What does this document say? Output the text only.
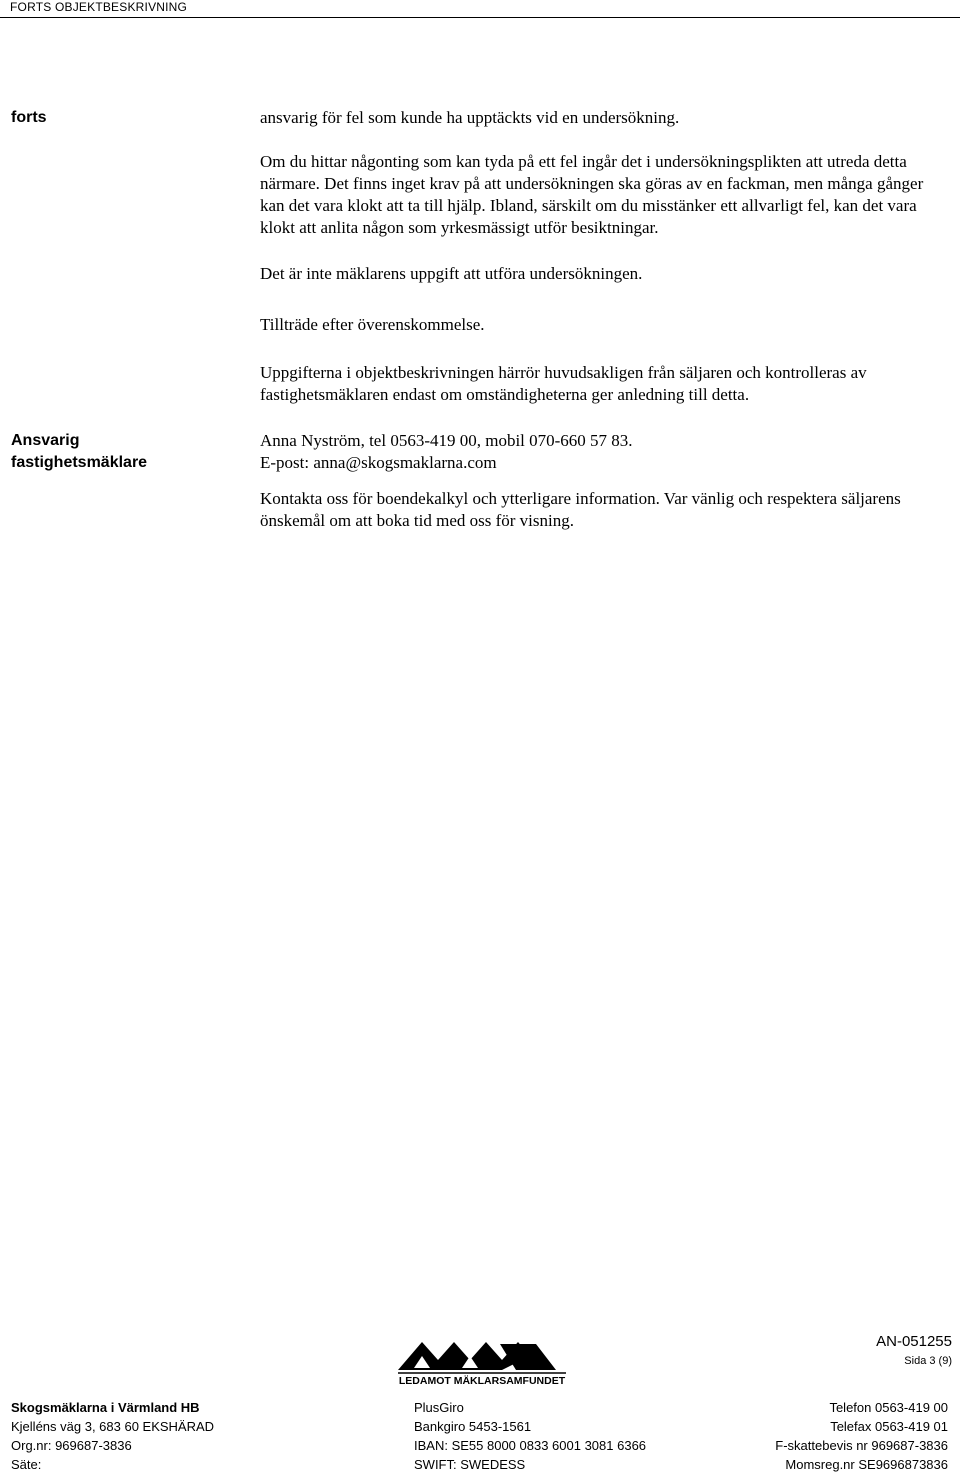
FORTS OBJEKTBESKRIVNING
forts	ansvarig för fel som kunde ha upptäckts vid en undersökning.

Om du hittar någonting som kan tyda på ett fel ingår det i undersökningsplikten att utreda detta närmare. Det finns inget krav på att undersökningen ska göras av en fackman, men många gånger kan det vara klokt att ta till hjälp. Ibland, särskilt om du misstänker ett allvarligt fel, kan det vara klokt att anlita någon som yrkesmässigt utför besiktningar.

Det är inte mäklarens uppgift att utföra undersökningen.

Tillträde efter överenskommelse.

Uppgifterna i objektbeskrivningen härrör huvudsakligen från säljaren och kontrolleras av fastighetsmäklaren endast om omständigheterna ger anledning till detta.

Ansvarig
fastighetsmäklare

Anna Nyström, tel 0563-419 00, mobil 070-660 57 83.

E-post: anna@skogsmaklarna.com

Kontakta oss för boendekalkyl och ytterligare information. Var vänlig och respektera säljarens önskemål om att boka tid med oss för visning.

LEDAMOT MÄKLARSAMFUNDET
AN-051255
Sida 3 (9)
Skogsmäklarna i Värmland HB
Kjelléns väg 3, 683 60 EKSHÄRAD
Org.nr: 969687-3836
Säte:
PlusGiro
Bankgiro 5453-1561
IBAN: SE55 8000 0833 6001 3081 6366
SWIFT: SWEDESS
Telefon 0563-419 00
Telefax 0563-419 01
F-skattebevis nr 969687-3836
Momsreg.nr SE9696873836
